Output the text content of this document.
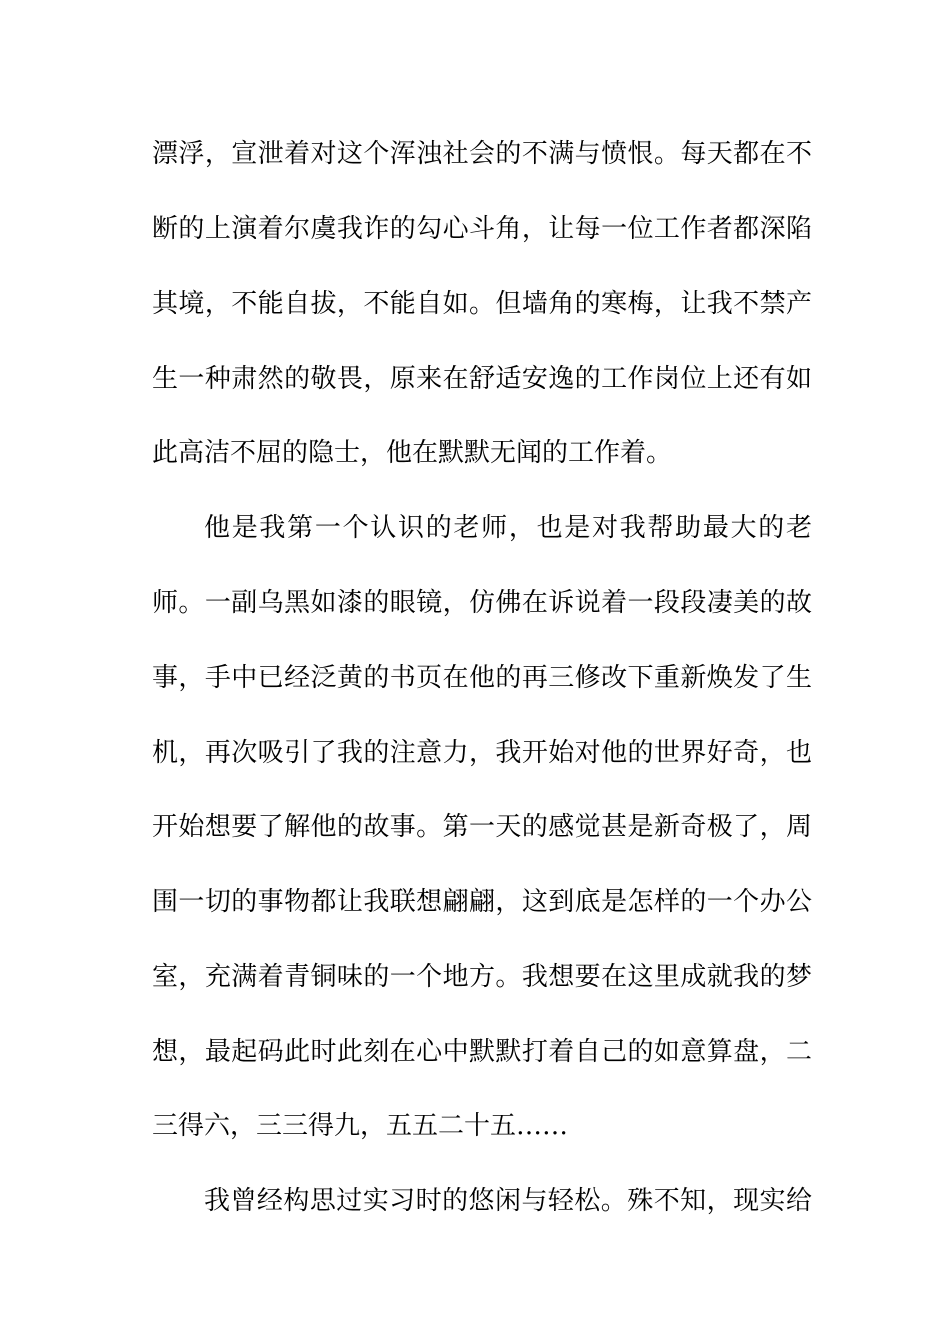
漂浮，宣泄着对这个浑浊社会的不满与愤恨。每天都在不
断的上演着尔虞我诈的勾心斗角，让每一位工作者都深陷
其境，不能自拔，不能自如。但墙角的寒梅，让我不禁产
生一种肃然的敬畏，原来在舒适安逸的工作岗位上还有如
此高洁不屈的隐士，他在默默无闻的工作着。
他是我第一个认识的老师，也是对我帮助最大的老
师。一副乌黑如漆的眼镜，仿佛在诉说着一段段凄美的故
事，手中已经泛黄的书页在他的再三修改下重新焕发了生
机，再次吸引了我的注意力，我开始对他的世界好奇，也
开始想要了解他的故事。第一天的感觉甚是新奇极了，周
围一切的事物都让我联想翩翩，这到底是怎样的一个办公
室，充满着青铜味的一个地方。我想要在这里成就我的梦
想，最起码此时此刻在心中默默打着自己的如意算盘，二
三得六，三三得九，五五二十五……
我曾经构思过实习时的悠闲与轻松。殊不知，现实给
